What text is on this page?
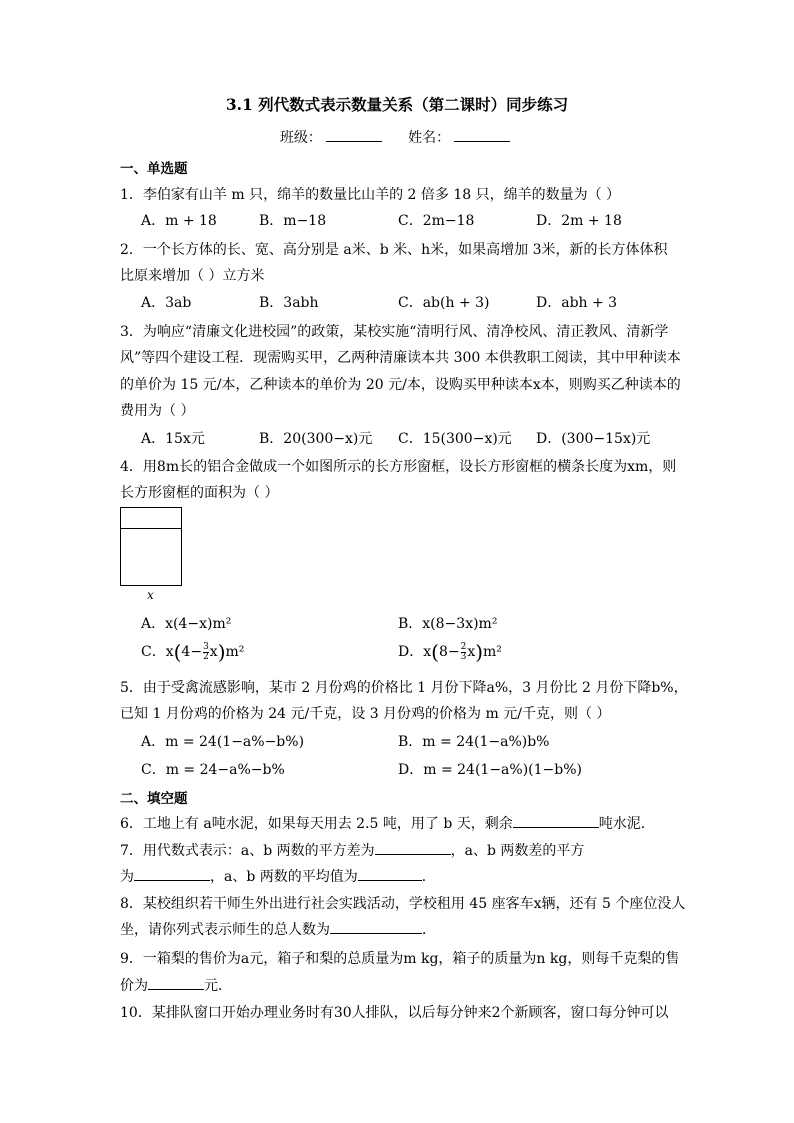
3.1 列代数式表示数量关系（第二课时）同步练习
班级：	姓名：
一、单选题
1．李伯家有山羊 m 只，绵羊的数量比山羊的 2 倍多 18 只，绵羊的数量为（ ）
A．m + 18	B．m−18	C．2m−18	D．2m + 18
2．一个长方体的长、宽、高分别是 a米、b 米、h米，如果高增加 3米，新的长方体体积
比原来增加（ ）立方米
A．3ab	B．3abh	C．ab(h + 3)	D．abh + 3
3．为响应“清廉文化进校园”的政策，某校实施“清明行风、清净校风、清正教风、清新学
风”等四个建设工程．现需购买甲，乙两种清廉读本共 300 本供教职工阅读，其中甲种读本
的单价为 15 元/本，乙种读本的单价为 20 元/本，设购买甲种读本x本，则购买乙种读本的
费用为（ ）
A．15x元	B．20(300−x)元 C．15(300−x)元 D．(300−15x)元
4．用8m长的铝合金做成一个如图所示的长方形窗框，设长方形窗框的横条长度为xm，则
长方形窗框的面积为（ ）
x
A．x(4−x)m²	B．x(8−3x)m²
C．$x(4- \frac{3}{2} x)m^2$	D．$x(8- \frac{2}{3} x)m^2$
5．由于受禽流感影响，某市 2 月份鸡的价格比 1 月份下降a%，3 月份比 2 月份下降b%，
已知 1 月份鸡的价格为 24 元/千克，设 3 月份鸡的价格为 m 元/千克，则（ ）
A．m = 24(1−a%−b%)	B．m = 24(1−a%)b%
C．m = 24−a%−b%	D．m = 24(1−a%)(1−b%)
二、填空题
6．工地上有 a吨水泥，如果每天用去 2.5 吨，用了 b 天，剩余	吨水泥．
7．用代数式表示：a、b 两数的平方差为	，a、b 两数差的平方
为	，a、b 两数的平均值为	．
8．某校组织若干师生外出进行社会实践活动，学校租用 45 座客车x辆，还有 5 个座位没人
坐，请你列式表示师生的总人数为	．
9．一箱梨的售价为a元，箱子和梨的总质量为m kg，箱子的质量为n kg，则每千克梨的售
价为	元．
10．某排队窗口开始办理业务时有30人排队，以后每分钟来2个新顾客，窗口每分钟可以
